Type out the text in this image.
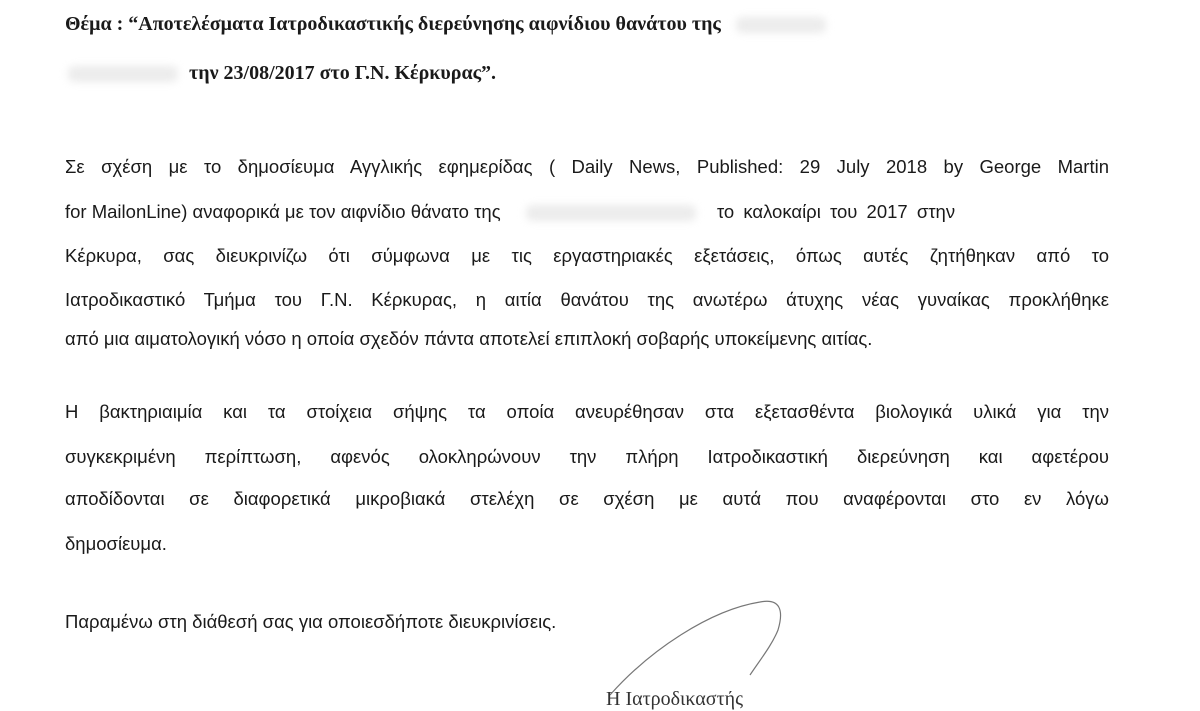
Θέμα : “Αποτελέσματα Ιατροδικαστικής διερεύνησης αιφνίδιου θανάτου της
την 23/08/2017 στο Γ.Ν. Κέρκυρας”.
Σε σχέση με το δημοσίευμα Αγγλικής εφημερίδας ( Daily News, Published: 29 July 2018 by George Martin
for MailonLine) αναφορικά με τον αιφνίδιο θάνατο της	το καλοκαίρι του 2017 στην
Κέρκυρα, σας διευκρινίζω ότι σύμφωνα με τις εργαστηριακές εξετάσεις, όπως αυτές ζητήθηκαν από το
Ιατροδικαστικό Τμήμα του Γ.Ν. Κέρκυρας, η αιτία θανάτου της ανωτέρω άτυχης νέας γυναίκας προκλήθηκε
από μια αιματολογική νόσο η οποία σχεδόν πάντα αποτελεί επιπλοκή σοβαρής υποκείμενης αιτίας.
Η βακτηριαιμία και τα στοίχεια σήψης τα οποία ανευρέθησαν στα εξετασθέντα βιολογικά υλικά για την
συγκεκριμένη περίπτωση, αφενός ολοκληρώνουν την πλήρη Ιατροδικαστική διερεύνηση και αφετέρου
αποδίδονται σε διαφορετικά μικροβιακά στελέχη σε σχέση με αυτά που αναφέρονται στο εν λόγω
δημοσίευμα.
Παραμένω στη διάθεσή σας για οποιεσδήποτε διευκρινίσεις.
Η Ιατροδικαστής
